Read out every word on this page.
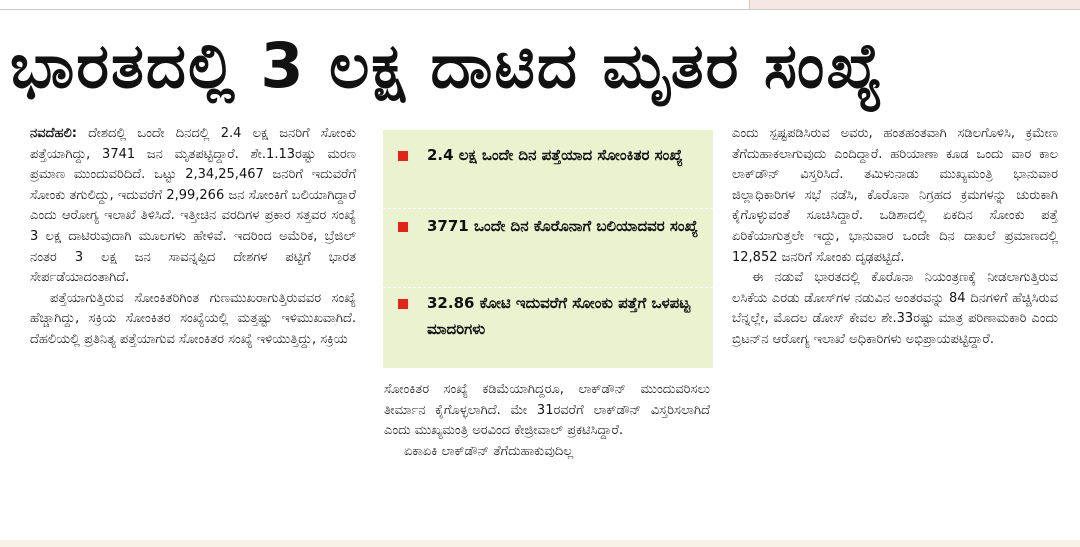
ಭಾರತದಲ್ಲಿ 3 ಲಕ್ಷ ದಾಟಿದ ಮೃತರ ಸಂಖ್ಯೆ

ನವದೆಹಲಿ: ದೇಶದಲ್ಲಿ ಒಂದೇ ದಿನದಲ್ಲಿ 2.4 ಲಕ್ಷ ಜನರಿಗೆ ಸೋಂಕು ಪತ್ತೆಯಾಗಿದ್ದು, 3741 ಜನ ಮೃತಪಟ್ಟಿದ್ದಾರೆ. ಶೇ.1.13ರಷ್ಟು ಮರಣ ಪ್ರಮಾಣ ಮುಂದುವರಿದಿದೆ. ಒಟ್ಟು 2,34,25,467 ಜನರಿಗೆ ಇದುವರೆಗೆ ಸೋಂಕು ತಗುಲಿದ್ದು, ಇದುವರೆಗೆ 2,99,266 ಜನ ಸೋಂಕಿಗೆ ಬಲಿಯಾಗಿದ್ದಾರೆ ಎಂದು ಆರೋಗ್ಯ ಇಲಾಖೆ ತಿಳಿಸಿದೆ. ಇತ್ತೀಚಿನ ವರದಿಗಳ ಪ್ರಕಾರ ಸತ್ತವರ ಸಂಖ್ಯೆ 3 ಲಕ್ಷ ದಾಟಿರುವುದಾಗಿ ಮೂಲಗಳು ಹೇಳಿವೆ. ಇದರಿಂದ ಅಮೆರಿಕ, ಬ್ರೆಜಿಲ್ ನಂತರ 3 ಲಕ್ಷ ಜನ ಸಾವನ್ನಪ್ಪಿದ ದೇಶಗಳ ಪಟ್ಟಿಗೆ ಭಾರತ ಸೇರ್ಪಡೆಯಾದಂತಾಗಿದೆ.

ಪತ್ತೆಯಾಗುತ್ತಿರುವ ಸೋಂಕಿತರಿಗಿಂತ ಗುಣಮುಖರಾಗುತ್ತಿರುವವರ ಸಂಖ್ಯೆ ಹೆಚ್ಚಾಗಿದ್ದು, ಸಕ್ರಿಯ ಸೋಂಕಿತರ ಸಂಖ್ಯೆಯಲ್ಲಿ ಮತ್ತಷ್ಟು ಇಳಿಮುಖವಾಗಿದೆ. ದೆಹಲಿಯಲ್ಲಿ ಪ್ರತಿನಿತ್ಯ ಪತ್ತೆಯಾಗುವ ಸೋಂಕಿತರ ಸಂಖ್ಯೆ ಇಳಿಯುತ್ತಿದ್ದು, ಸಕ್ರಿಯ

2.4 ಲಕ್ಷ ಒಂದೇ ದಿನ ಪತ್ತೆಯಾದ ಸೋಂಕಿತರ ಸಂಖ್ಯೆ
3771 ಒಂದೇ ದಿನ ಕೊರೊನಾಗೆ ಬಲಿಯಾದವರ ಸಂಖ್ಯೆ
32.86 ಕೋಟಿ ಇದುವರೆಗೆ ಸೋಂಕು ಪತ್ತೆಗೆ ಒಳಪಟ್ಟ ಮಾದರಿಗಳು

ಸೋಂಕಿತರ ಸಂಖ್ಯೆ ಕಡಿಮೆಯಾಗಿದ್ದರೂ, ಲಾಕ್‌ಡೌನ್ ಮುಂದುವರಿಸಲು ತೀರ್ಮಾನ ಕೈಗೊಳ್ಳಲಾಗಿದೆ. ಮೇ 31ರವರೆಗೆ ಲಾಕ್‌ಡೌನ್ ವಿಸ್ತರಿಸಲಾಗಿದೆ ಎಂದು ಮುಖ್ಯಮಂತ್ರಿ ಅರವಿಂದ ಕೇಜ್ರೀವಾಲ್ ಪ್ರಕಟಿಸಿದ್ದಾರೆ.

ಏಕಾಏಕಿ ಲಾಕ್‌ಡೌನ್ ತೆಗೆದುಹಾಕುವುದಿಲ್ಲ

ಎಂದು ಸ್ಪಷ್ಟಪಡಿಸಿರುವ ಅವರು, ಹಂತಹಂತವಾಗಿ ಸಡಿಲಗೊಳಿಸಿ, ಕ್ರಮೇಣ ತೆಗೆದುಹಾಕಲಾಗುವುದು ಎಂದಿದ್ದಾರೆ. ಹರಿಯಾಣಾ ಕೂಡ ಒಂದು ವಾರ ಕಾಲ ಲಾಕ್‌ಡೌನ್ ವಿಸ್ತರಿಸಿದೆ. ತಮಿಳುನಾಡು ಮುಖ್ಯಮಂತ್ರಿ ಭಾನುವಾರ ಜಿಲ್ಲಾಧಿಕಾರಿಗಳ ಸಭೆ ನಡೆಸಿ, ಕೊರೊನಾ ನಿಗ್ರಹದ ಕ್ರಮಗಳನ್ನು ಚುರುಕಾಗಿ ಕೈಗೊಳ್ಳುವಂತೆ ಸೂಚಿಸಿದ್ದಾರೆ. ಒಡಿಶಾದಲ್ಲಿ ಏಕದಿನ ಸೋಂಕು ಪತ್ತೆ ಏರಿಕೆಯಾಗುತ್ತಲೇ ಇದ್ದು, ಭಾನುವಾರ ಒಂದೇ ದಿನ ದಾಖಲೆ ಪ್ರಮಾಣದಲ್ಲಿ 12,852 ಜನರಿಗೆ ಸೋಂಕು ದೃಢಪಟ್ಟಿದೆ.

ಈ ನಡುವೆ ಭಾರತದಲ್ಲಿ ಕೊರೊನಾ ನಿಯಂತ್ರಣಕ್ಕೆ ನೀಡಲಾಗುತ್ತಿರುವ ಲಸಿಕೆಯ ಎರಡು ಡೋಸ್‌ಗಳ ನಡುವಿನ ಅಂತರವನ್ನು 84 ದಿನಗಳಿಗೆ ಹೆಚ್ಚಿಸಿರುವ ಬೆನ್ನಲ್ಲೇ, ಮೊದಲ ಡೋಸ್ ಕೇವಲ ಶೇ.33ರಷ್ಟು ಮಾತ್ರ ಪರಿಣಾಮಕಾರಿ ಎಂದು ಬ್ರಿಟನ್‌ನ ಆರೋಗ್ಯ ಇಲಾಖೆ ಅಧಿಕಾರಿಗಳು ಅಭಿಪ್ರಾಯಪಟ್ಟಿದ್ದಾರೆ.
